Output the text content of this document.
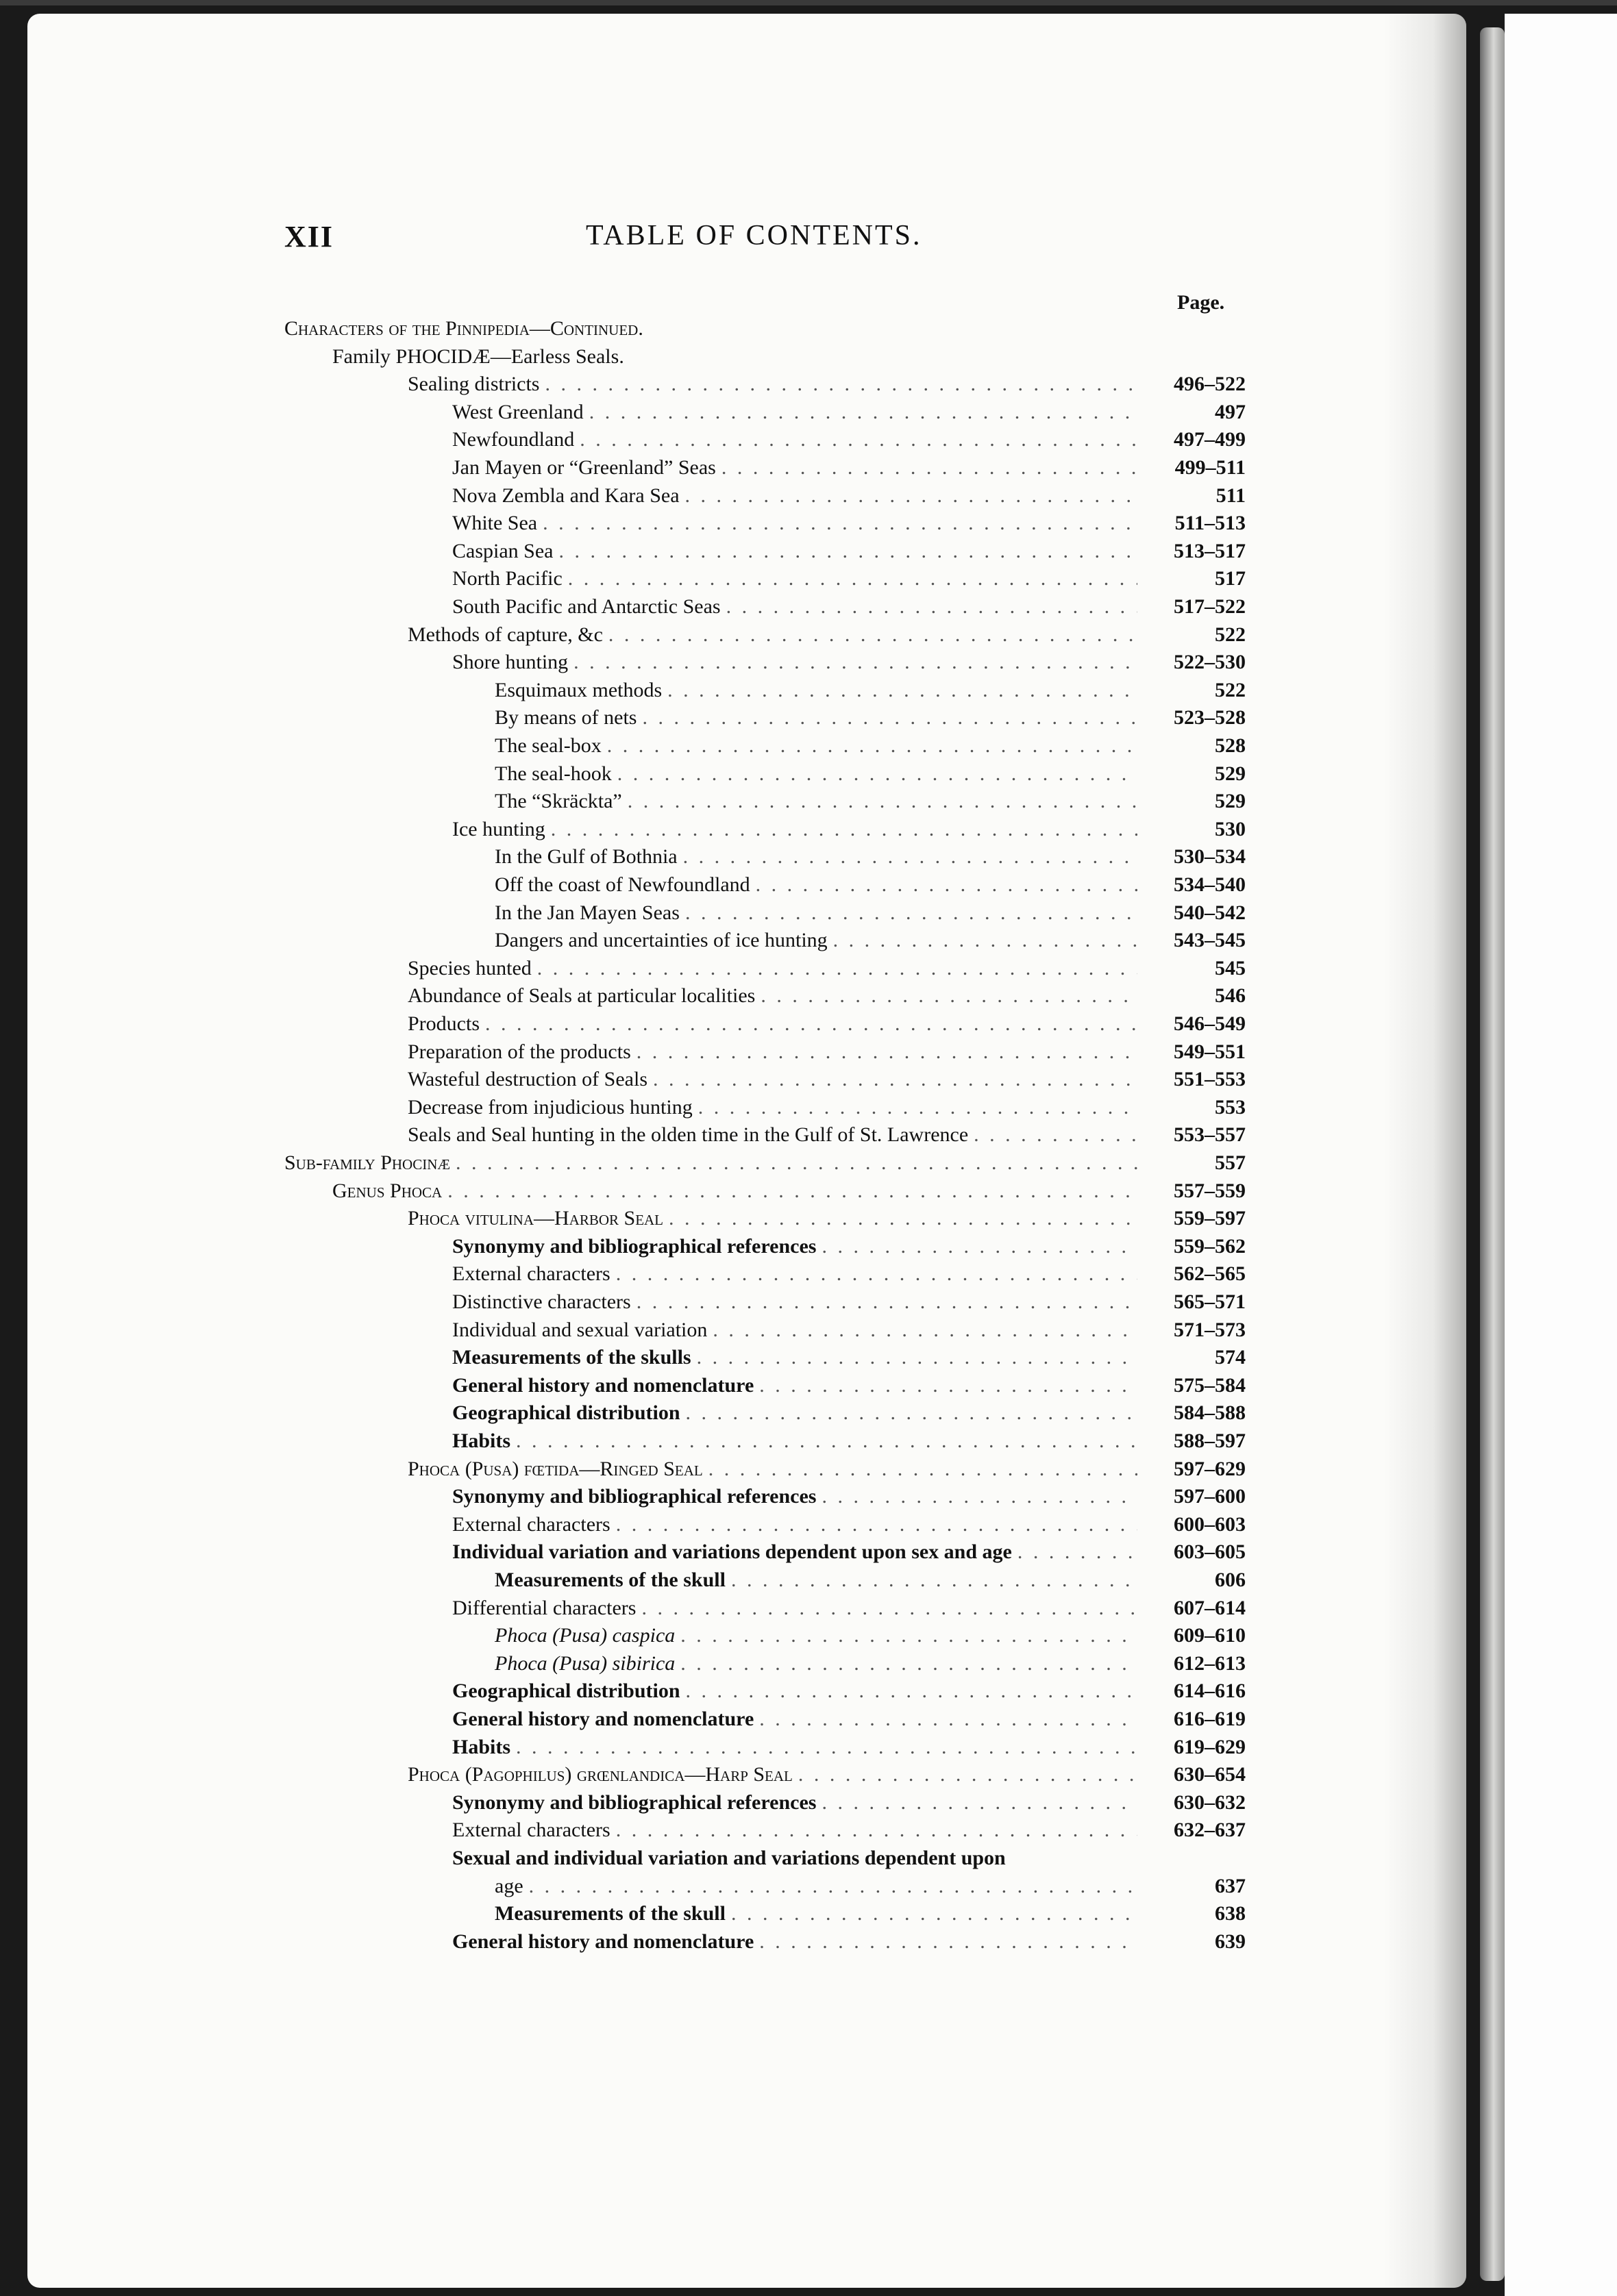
XII	TABLE OF CONTENTS.
Page.
Characters of the Pinnipedia—Continued.
Family PHOCIDÆ—Earless Seals.
Sealing districts . . .	496–522
West Greenland . . .	497
Newfoundland . . .	497–499
Jan Mayen or “Greenland” Seas . . .	499–511
Nova Zembla and Kara Sea . . .	511
White Sea . . .	511–513
Caspian Sea . . .	513–517
North Pacific . . .	517
South Pacific and Antarctic Seas . . .	517–522
Methods of capture, &c . . .	522
Shore hunting . . .	522–530
Esquimaux methods . . .	522
By means of nets . . .	523–528
The seal-box . . .	528
The seal-hook . . .	529
The “Skräckta” . . .	529
Ice hunting . . .	530
In the Gulf of Bothnia . . .	530–534
Off the coast of Newfoundland . . .	534–540
In the Jan Mayen Seas . . .	540–542
Dangers and uncertainties of ice hunting . . .	543–545
Species hunted . . .	545
Abundance of Seals at particular localities . . .	546
Products . . .	546–549
Preparation of the products . . .	549–551
Wasteful destruction of Seals . . .	551–553
Decrease from injudicious hunting . . .	553
Seals and Seal hunting in the olden time in the Gulf of St. Lawrence . . .	553–557
Sub-family Phocinæ . . .	557
Genus Phoca . . .	557–559
Phoca vitulina—Harbor Seal . . .	559–597
Synonymy and bibliographical references . . .	559–562
External characters . . .	562–565
Distinctive characters . . .	565–571
Individual and sexual variation . . .	571–573
Measurements of the skulls . . .	574
General history and nomenclature . . .	575–584
Geographical distribution . . .	584–588
Habits . . .	588–597
Phoca (Pusa) fœtida—Ringed Seal . . .	597–629
Synonymy and bibliographical references . . .	597–600
External characters . . .	600–603
Individual variation and variations dependent upon sex and age . . .	603–605
Measurements of the skull . . .	606
Differential characters . . .	607–614
Phoca (Pusa) caspica . . .	609–610
Phoca (Pusa) sibirica . . .	612–613
Geographical distribution . . .	614–616
General history and nomenclature . . .	616–619
Habits . . .	619–629
Phoca (Pagophilus) grœnlandica—Harp Seal . . .	630–654
Synonymy and bibliographical references . . .	630–632
External characters . . .	632–637
Sexual and individual variation and variations dependent upon
age . . .	637
Measurements of the skull . . .	638
General history and nomenclature . . .	639
